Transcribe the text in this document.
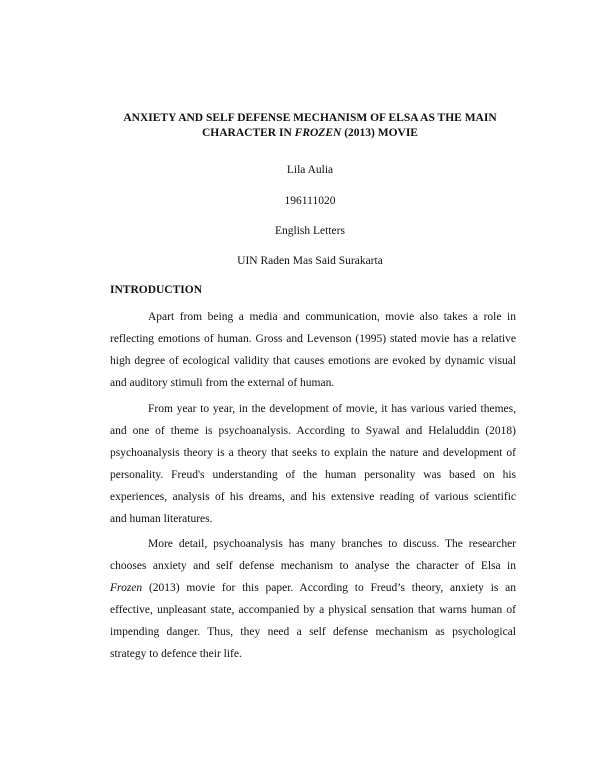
ANXIETY AND SELF DEFENSE MECHANISM OF ELSA AS THE MAIN
CHARACTER IN FROZEN (2013) MOVIE
Lila Aulia
196111020
English Letters
UIN Raden Mas Said Surakarta
INTRODUCTION
Apart from being a media and communication, movie also takes a role in
reflecting emotions of human. Gross and Levenson (1995) stated movie has a relative
high degree of ecological validity that causes emotions are evoked by dynamic visual
and auditory stimuli from the external of human.
From year to year, in the development of movie, it has various varied themes,
and one of theme is psychoanalysis. According to Syawal and Helaluddin (2018)
psychoanalysis theory is a theory that seeks to explain the nature and development of
personality. Freud's understanding of the human personality was based on his
experiences, analysis of his dreams, and his extensive reading of various scientific
and human literatures.
More detail, psychoanalysis has many branches to discuss. The researcher
chooses anxiety and self defense mechanism to analyse the character of Elsa in
Frozen (2013) movie for this paper. According to Freud’s theory, anxiety is an
effective, unpleasant state, accompanied by a physical sensation that warns human of
impending danger. Thus, they need a self defense mechanism as psychological
strategy to defence their life.
